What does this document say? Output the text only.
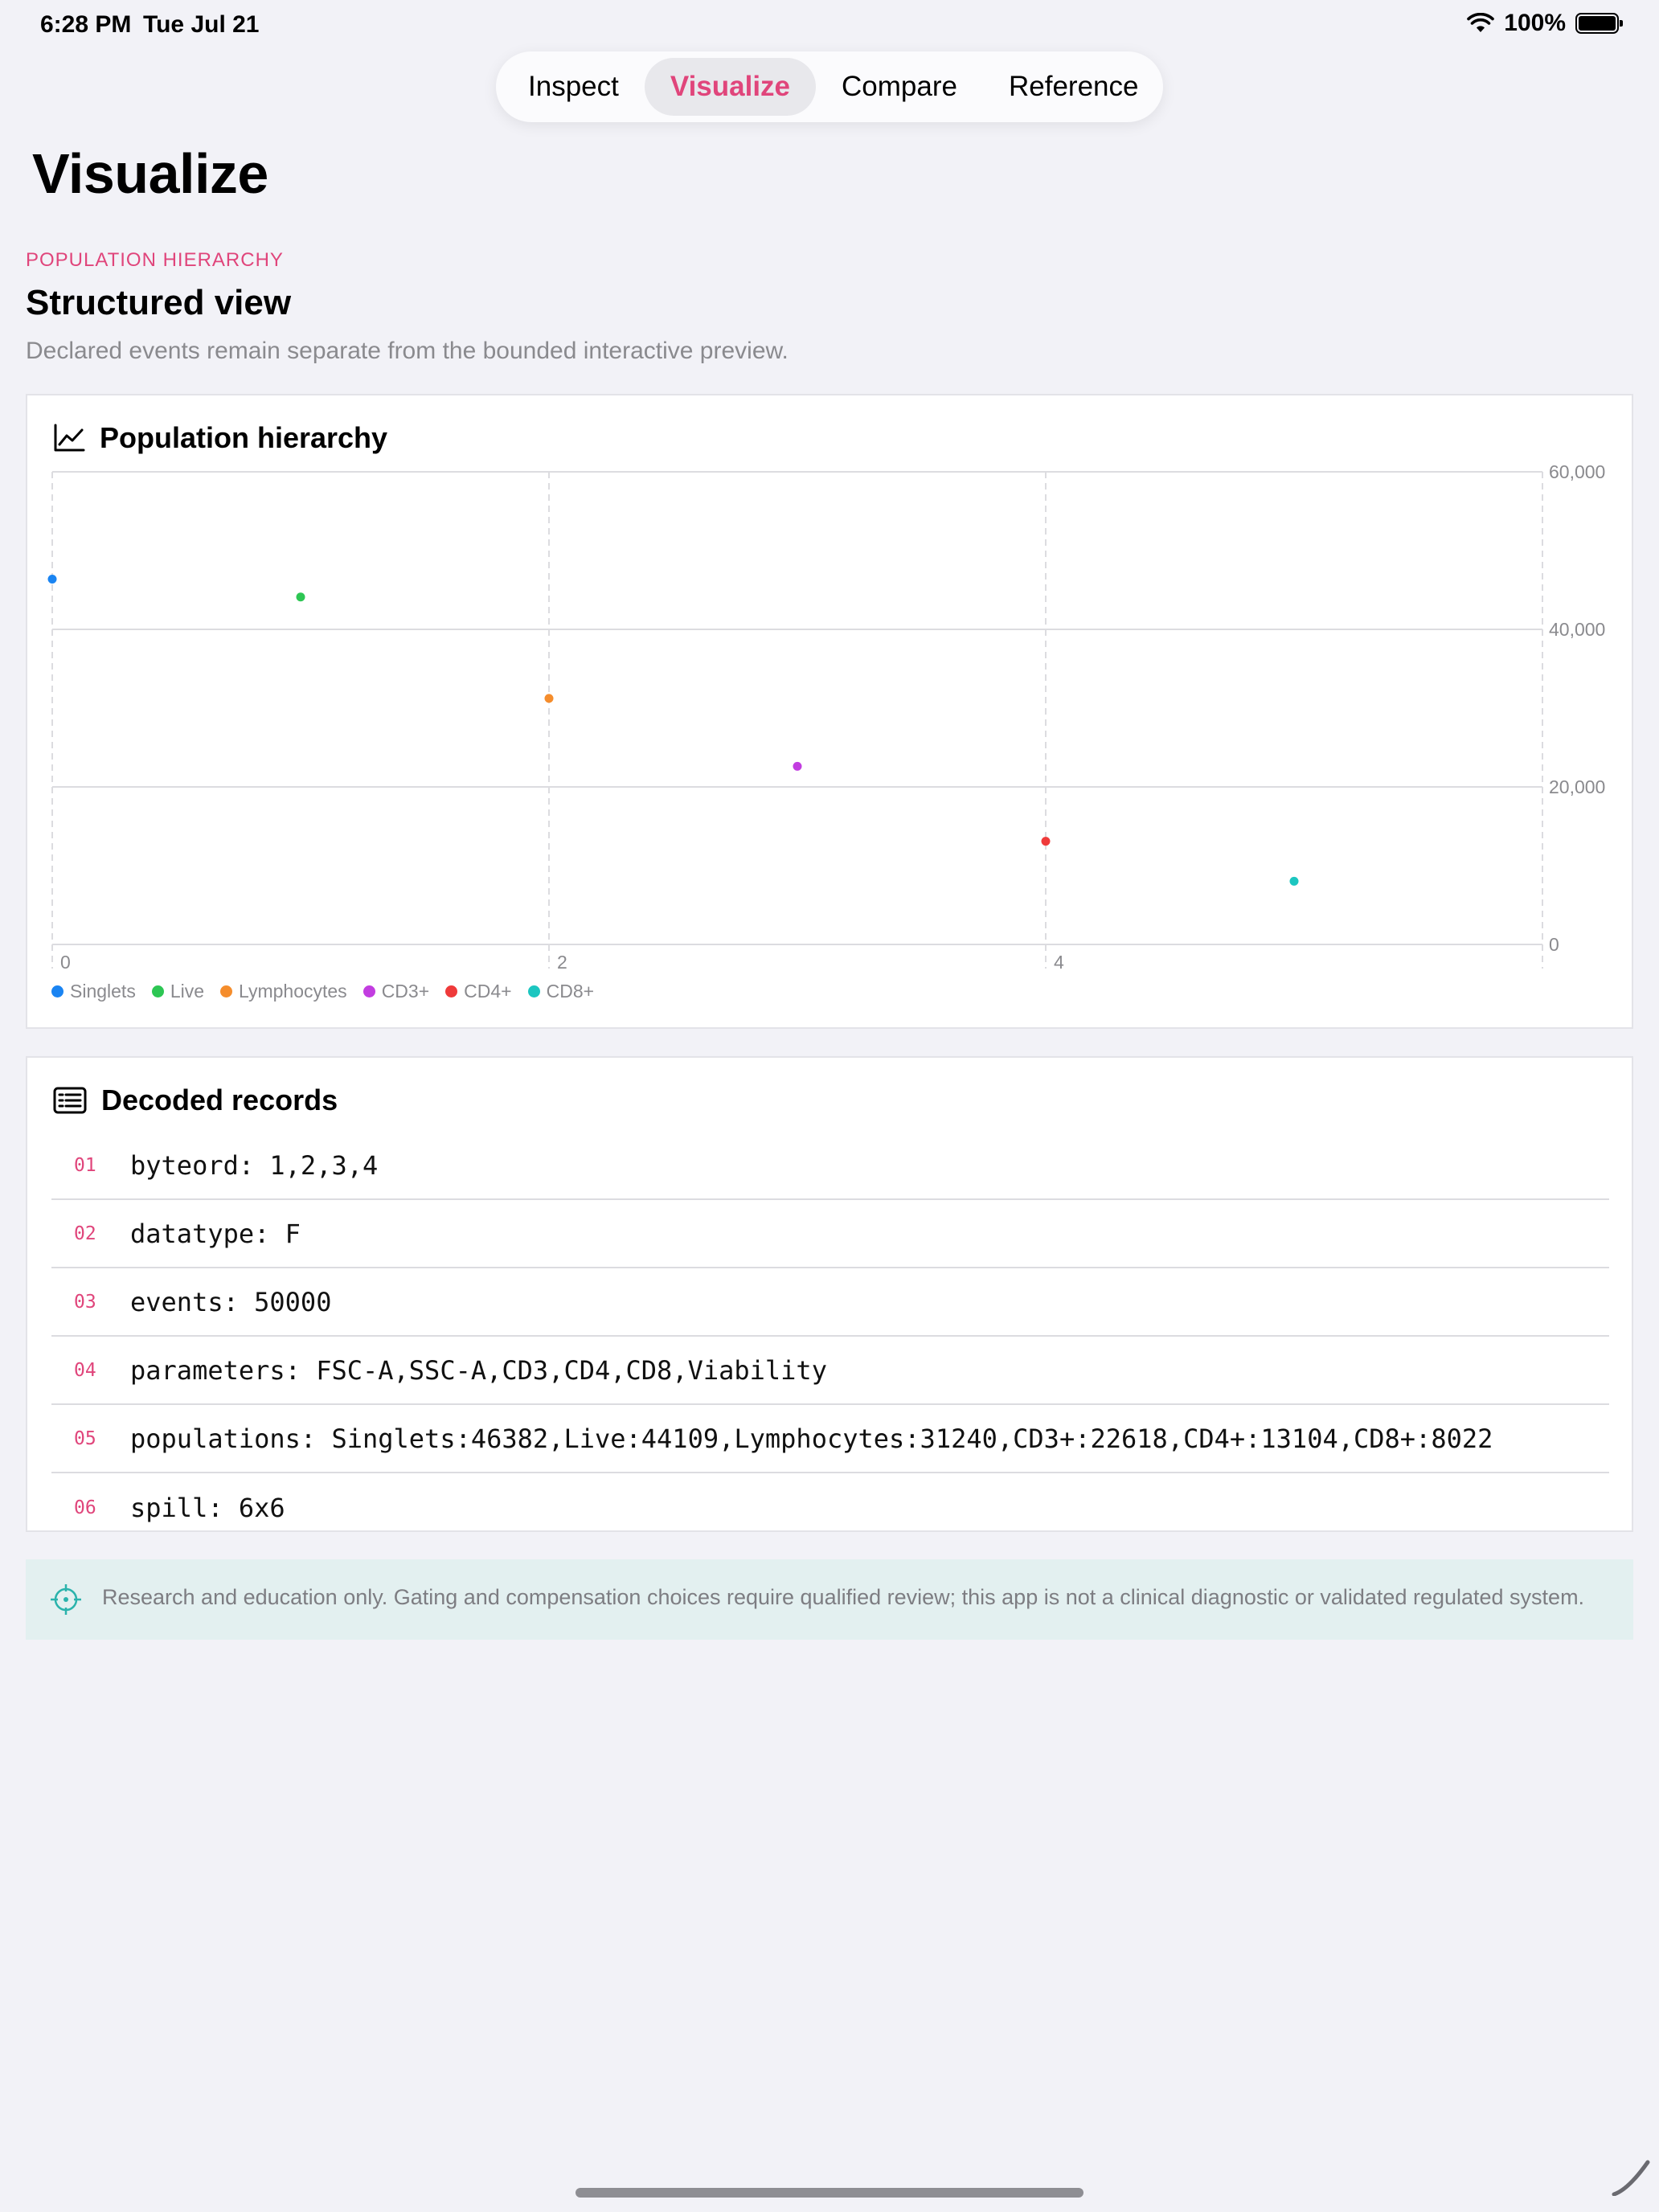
6:28 PM Tue Jul 21	100%
Inspect	Visualize	Compare	Reference
Visualize
POPULATION HIERARCHY
Structured view

Declared events remain separate from the bounded interactive preview.

Population hierarchy
0
20,000
40,000
60,000
0	2	4
Singlets Live Lymphocytes CD3+ CD4+ CD8+
Decoded records
01	byteord: 1,2,3,4
02	datatype: F
03	events: 50000
04	parameters: FSC-A,SSC-A,CD3,CD4,CD8,Viability
05	populations: Singlets:46382,Live:44109,Lymphocytes:31240,CD3+:22618,CD4+:13104,CD8+:8022
06	spill: 6x6
Research and education only. Gating and compensation choices require qualified review; this app is not a clinical diagnostic or validated regulated system.
